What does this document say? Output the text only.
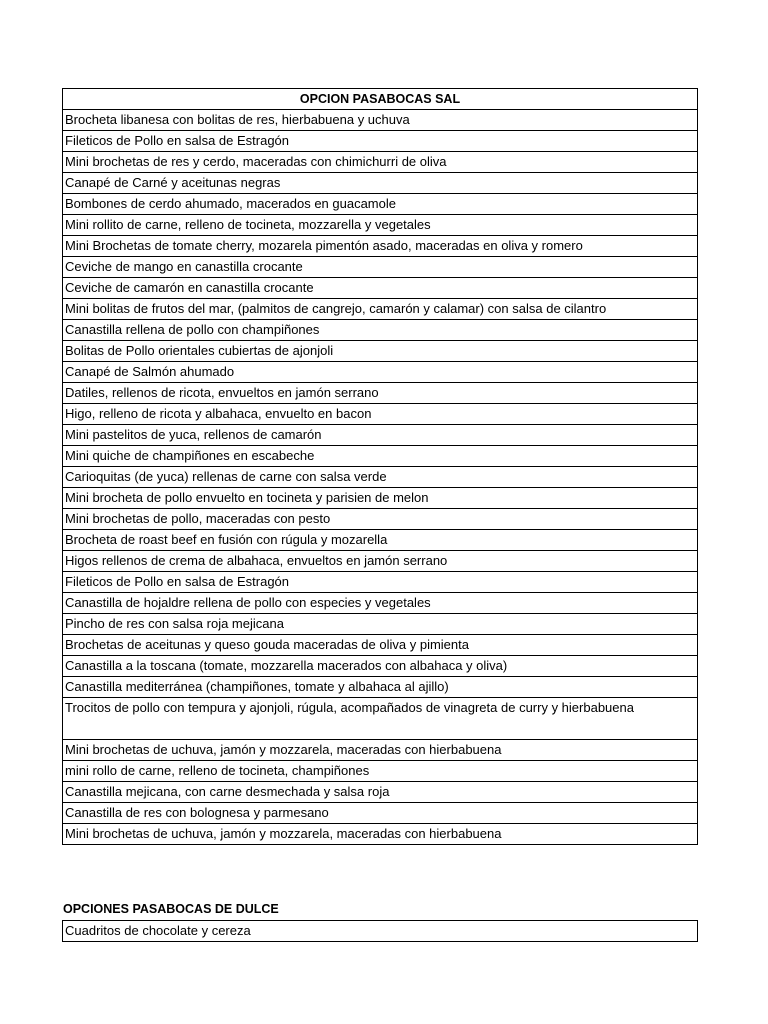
OPCION PASABOCAS SAL
Brocheta libanesa con bolitas de res, hierbabuena y uchuva
Fileticos de Pollo en salsa de Estragón
Mini brochetas de res y cerdo, maceradas con chimichurri de oliva
Canapé de Carné y aceitunas negras
Bombones de cerdo ahumado, macerados en guacamole
Mini rollito de carne, relleno de tocineta, mozzarella y vegetales
Mini Brochetas de tomate cherry, mozarela pimentón asado, maceradas en oliva y romero
Ceviche de mango en canastilla crocante
Ceviche de camarón en canastilla crocante
Mini bolitas de frutos del mar, (palmitos de cangrejo, camarón y calamar) con salsa de cilantro
Canastilla rellena de pollo con champiñones
Bolitas de Pollo orientales cubiertas de ajonjoli
Canapé de Salmón ahumado
Datiles, rellenos de ricota, envueltos en jamón serrano
Higo, relleno de ricota y albahaca, envuelto en bacon
Mini pastelitos de yuca, rellenos de camarón
Mini quiche de champiñones en escabeche
Carioquitas (de yuca) rellenas de carne con salsa verde
Mini brocheta de pollo envuelto en tocineta y parisien de melon
Mini brochetas de pollo, maceradas con pesto
Brocheta de roast beef en fusión con rúgula y mozarella
Higos rellenos de crema de albahaca, envueltos en jamón serrano
Fileticos de Pollo en salsa de Estragón
Canastilla de hojaldre rellena de pollo con especies y vegetales
Pincho de res con salsa roja mejicana
Brochetas de aceitunas y queso gouda maceradas de oliva y pimienta
Canastilla a la toscana (tomate, mozzarella macerados con albahaca y oliva)
Canastilla mediterránea (champiñones, tomate y albahaca al ajillo)
Trocitos de pollo con tempura y ajonjoli, rúgula, acompañados de vinagreta de curry y hierbabuena
Mini brochetas de uchuva, jamón y mozzarela, maceradas con hierbabuena
mini rollo de carne, relleno de tocineta, champiñones
Canastilla mejicana, con carne desmechada y salsa roja
Canastilla de res con bolognesa y parmesano
Mini brochetas de uchuva, jamón y mozzarela, maceradas con hierbabuena
OPCIONES PASABOCAS DE DULCE
Cuadritos de chocolate y cereza
